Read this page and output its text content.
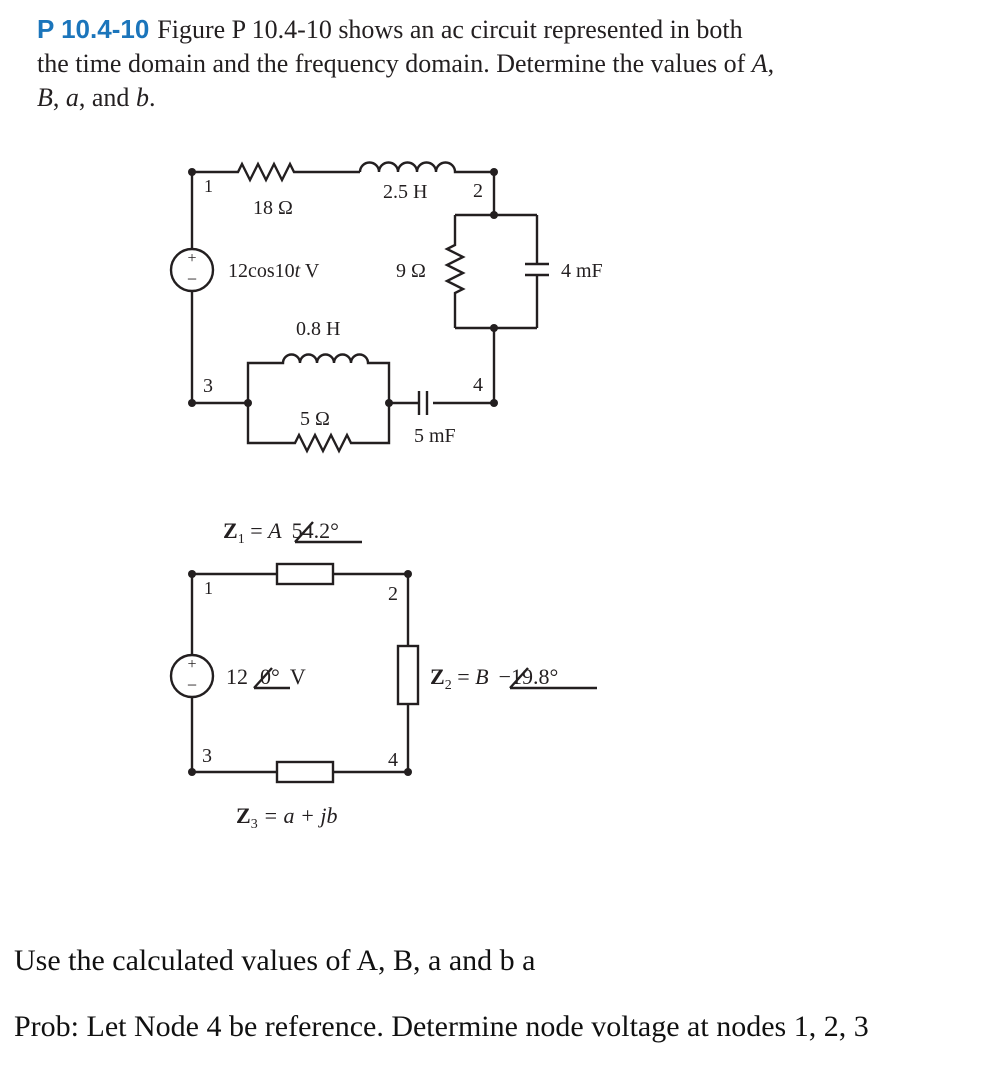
P 10.4-10 Figure P 10.4-10 shows an ac circuit represented in both the time domain and the frequency domain. Determine the values of A, B, a, and b.
+
−
1	2
3	4
18 Ω
2.5 H
12cos10t V	9 Ω	4 mF
0.8 H
5 Ω
5 mF
+
−
1	2
3	4
$Z_1 = A$ 54.2°
12 0° V	$Z_2 = B -19.8^\circ$
$Z_3 = a$ + jb
Use the calculated values of A, B, a and b a
Prob: Let Node 4 be reference. Determine node voltage at nodes 1, 2, 3
